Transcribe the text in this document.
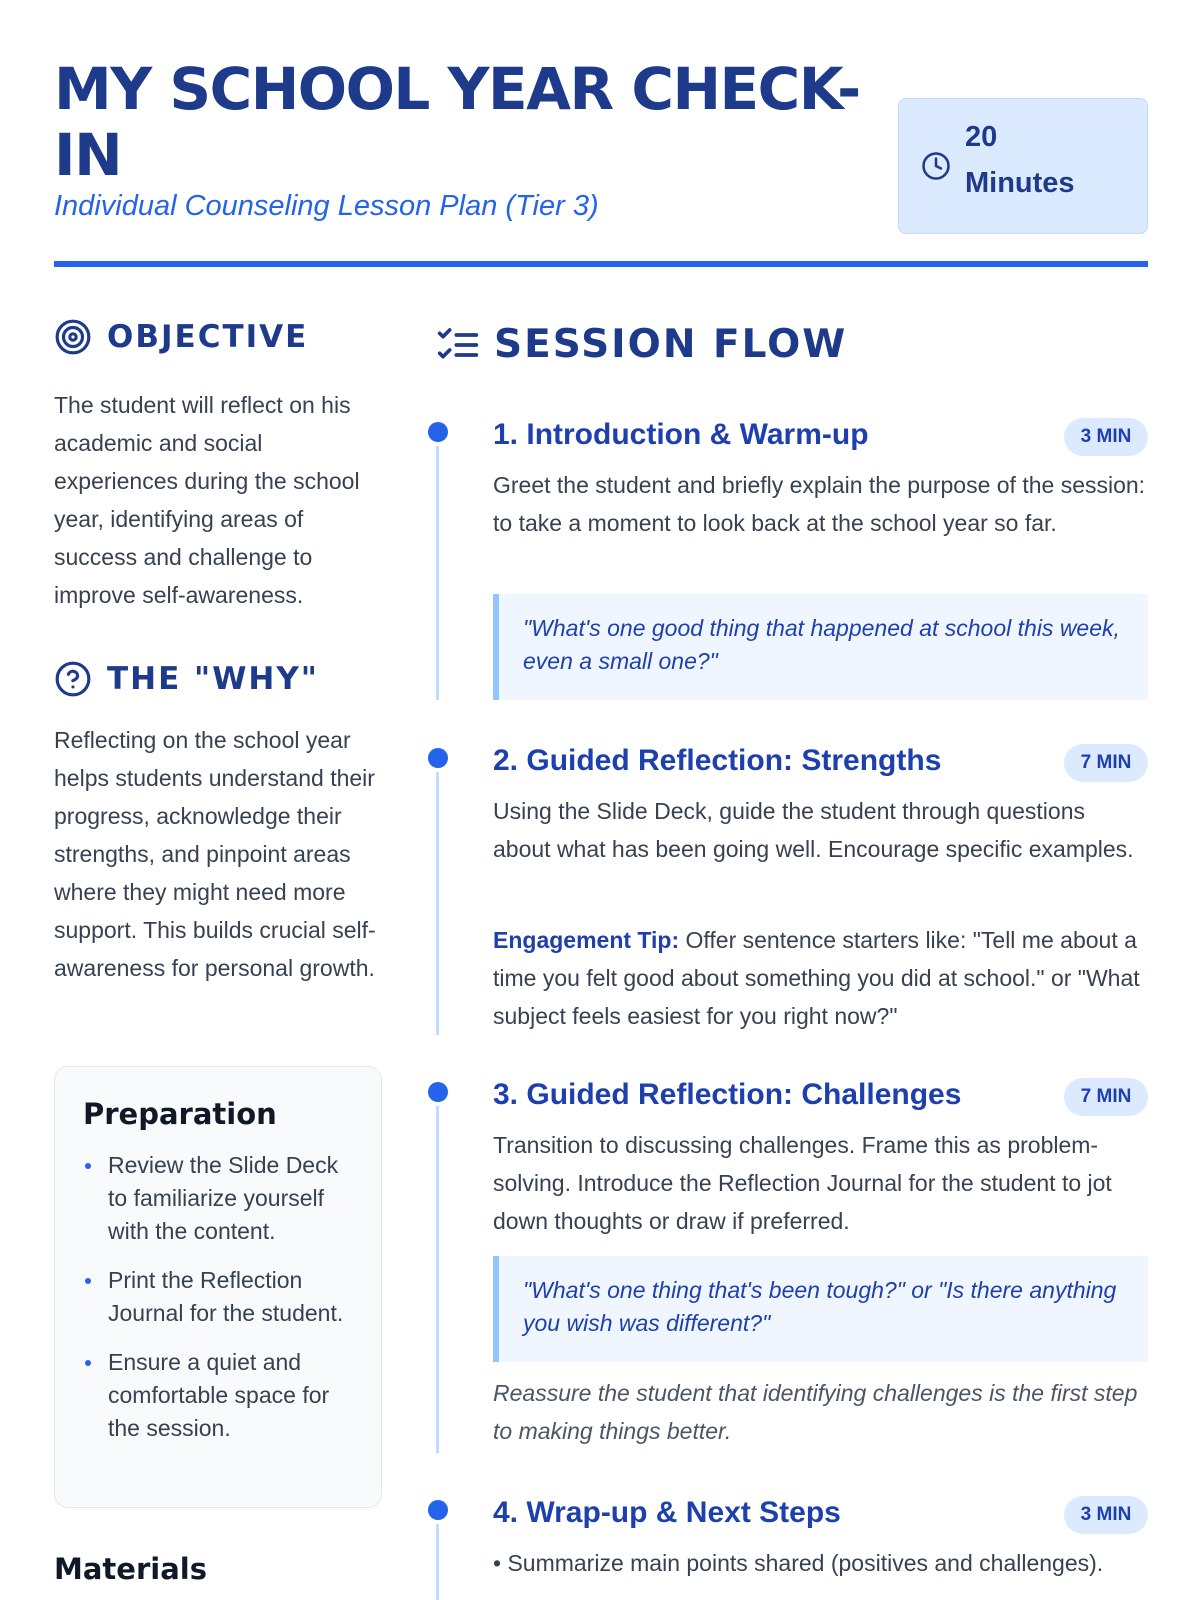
MY SCHOOL YEAR CHECK-IN
Individual Counseling Lesson Plan (Tier 3)
20
Minutes
OBJECTIVE

The student will reflect on his academic and social experiences during the school year, identifying areas of success and challenge to improve self-awareness.

THE "WHY"

Reflecting on the school year helps students understand their progress, acknowledge their strengths, and pinpoint areas where they might need more support. This builds crucial self-awareness for personal growth.

Preparation
Review the Slide Deck to familiarize yourself with the content.
Print the Reflection Journal for the student.
Ensure a quiet and comfortable space for the session.
Materials
SESSION FLOW
1. Introduction & Warm-up	3 MIN

Greet the student and briefly explain the purpose of the session: to take a moment to look back at the school year so far.

"What's one good thing that happened at school this week, even a small one?"
2. Guided Reflection: Strengths	7 MIN

Using the Slide Deck, guide the student through questions about what has been going well. Encourage specific examples.

Engagement Tip: Offer sentence starters like: "Tell me about a time you felt good about something you did at school." or "What subject feels easiest for you right now?"

3. Guided Reflection: Challenges	7 MIN

Transition to discussing challenges. Frame this as problem-solving. Introduce the Reflection Journal for the student to jot down thoughts or draw if preferred.

"What's one thing that's been tough?" or "Is there anything you wish was different?"

Reassure the student that identifying challenges is the first step to making things better.

4. Wrap-up & Next Steps	3 MIN

• Summarize main points shared (positives and challenges).
